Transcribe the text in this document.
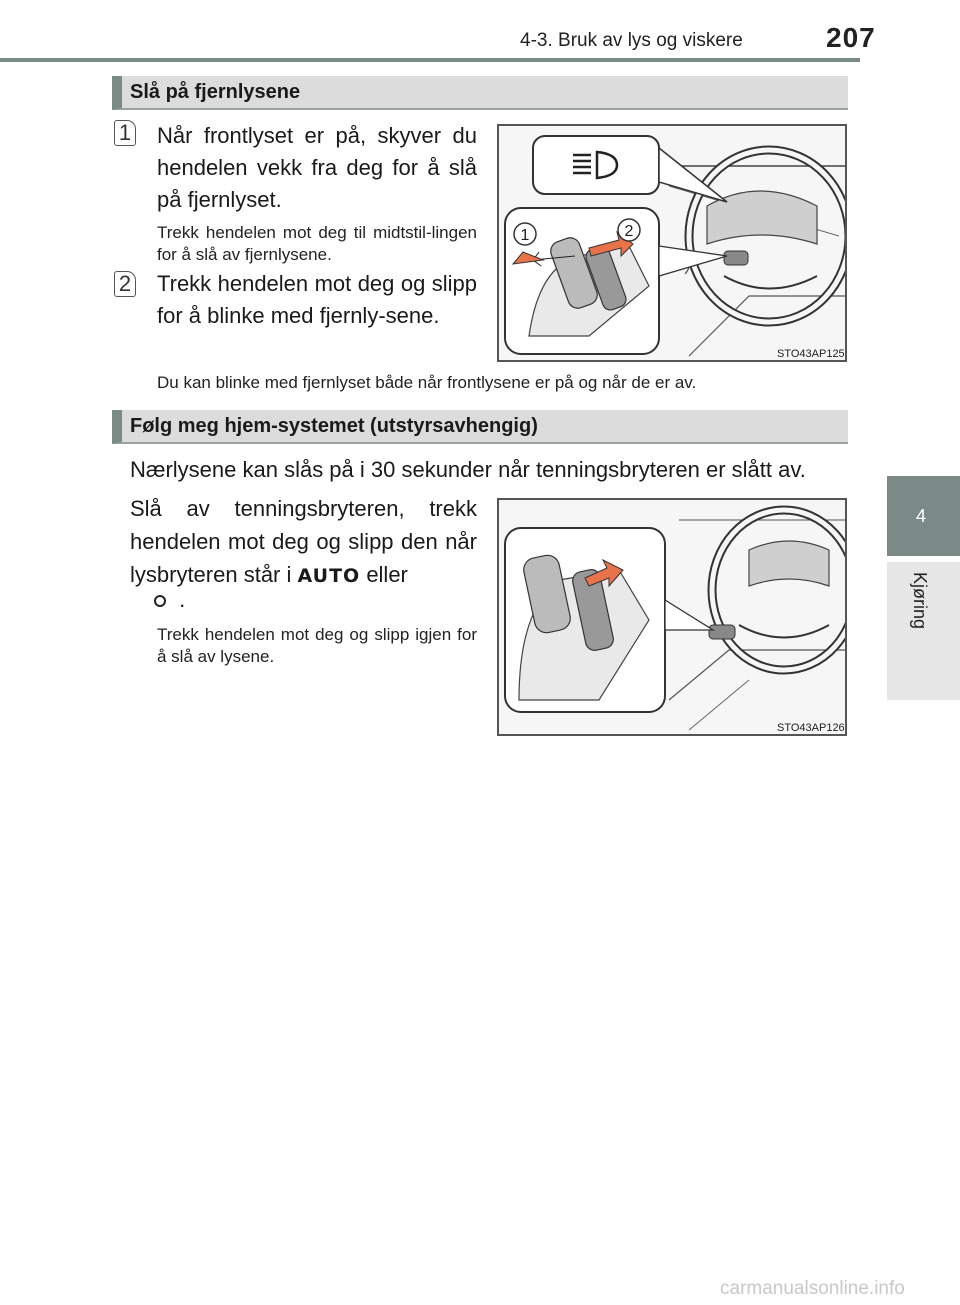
4-3. Bruk av lys og viskere	207
4
Kjøring
Slå på fjernlysene
1 Når frontlyset er på, skyver du hendelen vekk fra deg for å slå på fjernlyset.
Trekk hendelen mot deg til midtstil-lingen for å slå av fjernlysene.
2 Trekk hendelen mot deg og slipp for å blinke med fjernly-sene.
1	2
STO43AP125
Du kan blinke med fjernlyset både når frontlysene er på og når de er av.
Følg meg hjem-systemet (utstyrsavhengig)
Nærlysene kan slås på i 30 sekunder når tenningsbryteren er slått av.
Slå av tenningsbryteren, trekk hendelen mot deg og slipp den når lysbryteren står i AUTO eller
.
Trekk hendelen mot deg og slipp igjen for å slå av lysene.
STO43AP126
carmanualsonline.info
